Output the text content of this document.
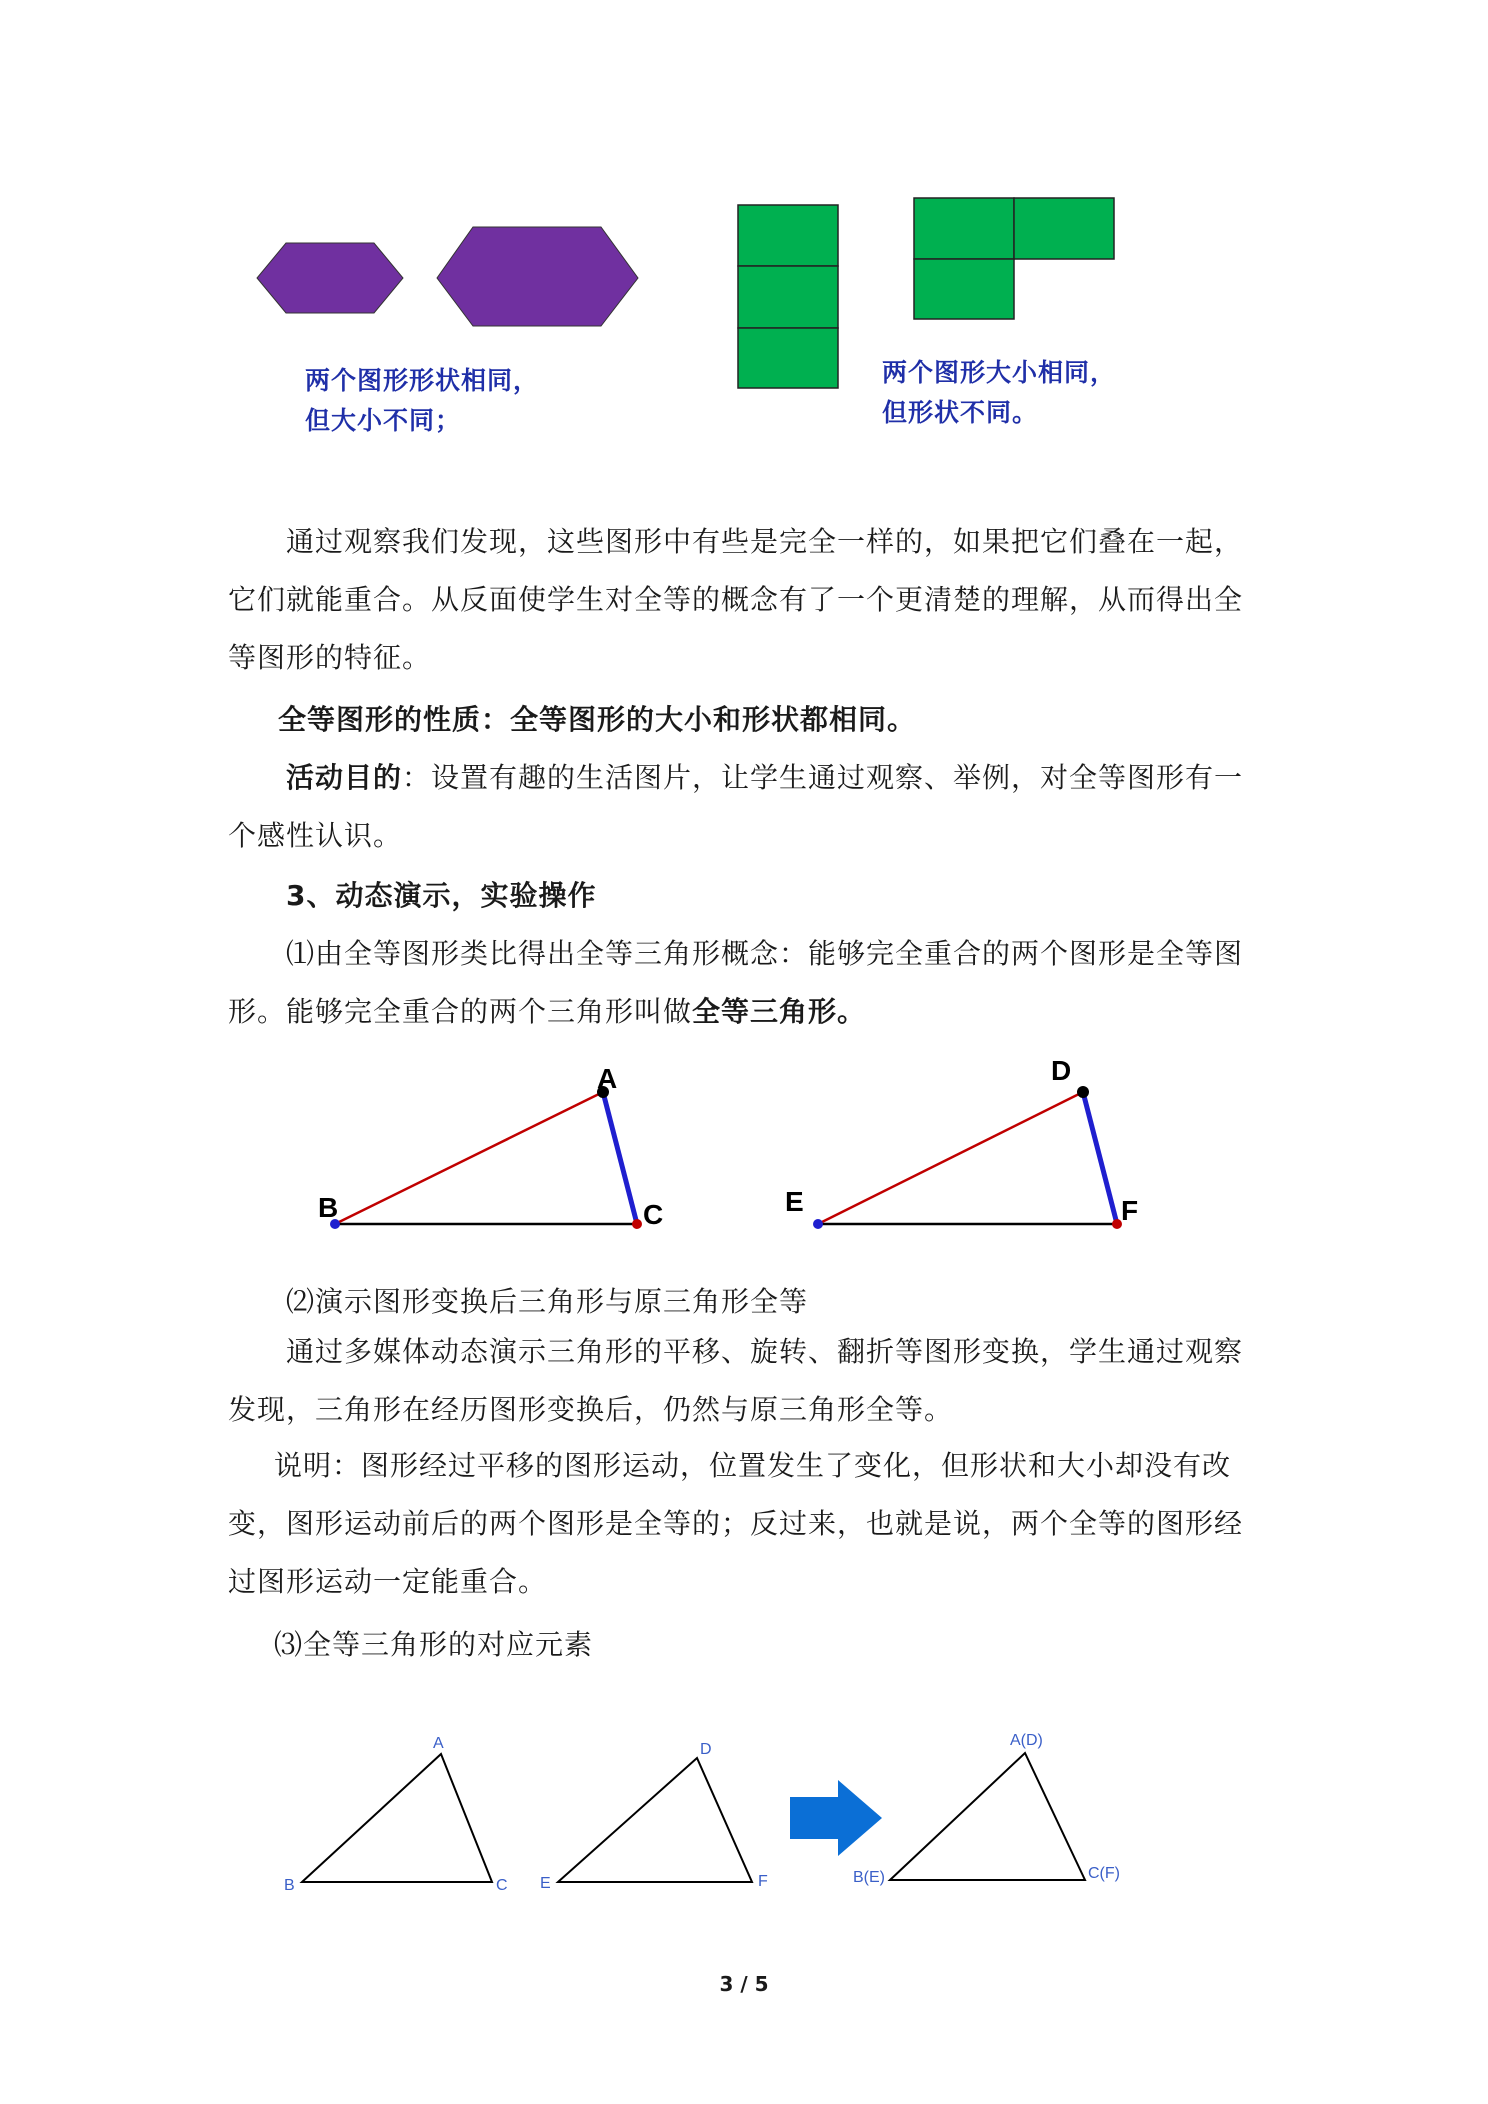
两个图形形状相同，
但大小不同；
两个图形大小相同，
但形状不同。
通过观察我们发现，这些图形中有些是完全一样的，如果把它们叠在一起，它们就能重合。从反面使学生对全等的概念有了一个更清楚的理解，从而得出全等图形的特征。
全等图形的性质：全等图形的大小和形状都相同。
活动目的：设置有趣的生活图片，让学生通过观察、举例，对全等图形有一个感性认识。
3、动态演示，实验操作
⑴由全等图形类比得出全等三角形概念：能够完全重合的两个图形是全等图形。能够完全重合的两个三角形叫做全等三角形。
A
B	C
D
E	F
⑵演示图形变换后三角形与原三角形全等
通过多媒体动态演示三角形的平移、旋转、翻折等图形变换，学生通过观察发现，三角形在经历图形变换后，仍然与原三角形全等。
说明：图形经过平移的图形运动，位置发生了变化，但形状和大小却没有改变，图形运动前后的两个图形是全等的；反过来，也就是说，两个全等的图形经过图形运动一定能重合。
⑶全等三角形的对应元素
A
B	C
D
E	F
A(D)
B(E)	C(F)
3 / 5
